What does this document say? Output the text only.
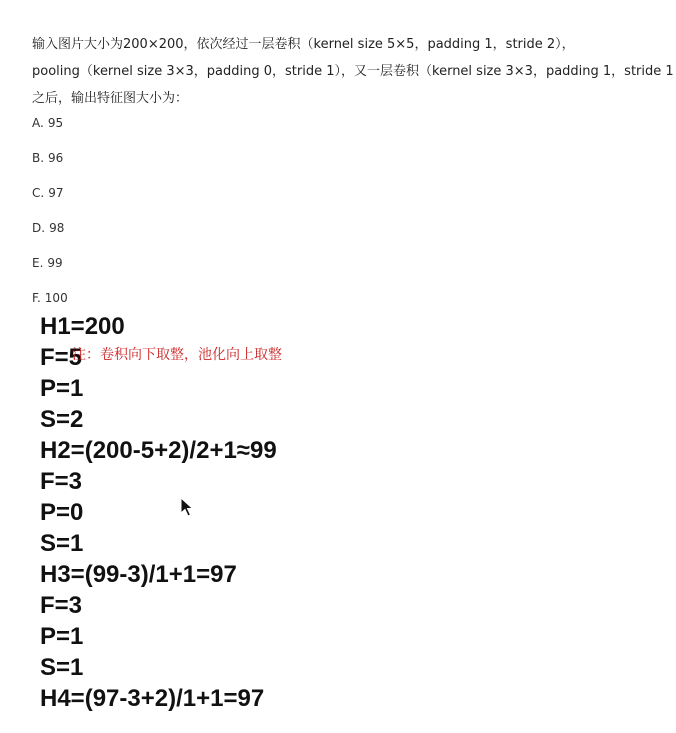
输入图片大小为200×200，依次经过一层卷积（kernel size 5×5，padding 1，stride 2），
pooling（kernel size 3×3，padding 0，stride 1），又一层卷积（kernel size 3×3，padding 1，stride 1
之后，输出特征图大小为：
A. 95
B. 96
C. 97
D. 98
E. 99
F. 100
H1=200
F=5
P=1
S=2
H2=(200-5+2)/2+1≈99
F=3
P=0
S=1
H3=(99-3)/1+1=97
F=3
P=1
S=1
H4=(97-3+2)/1+1=97
注：卷积向下取整，池化向上取整
